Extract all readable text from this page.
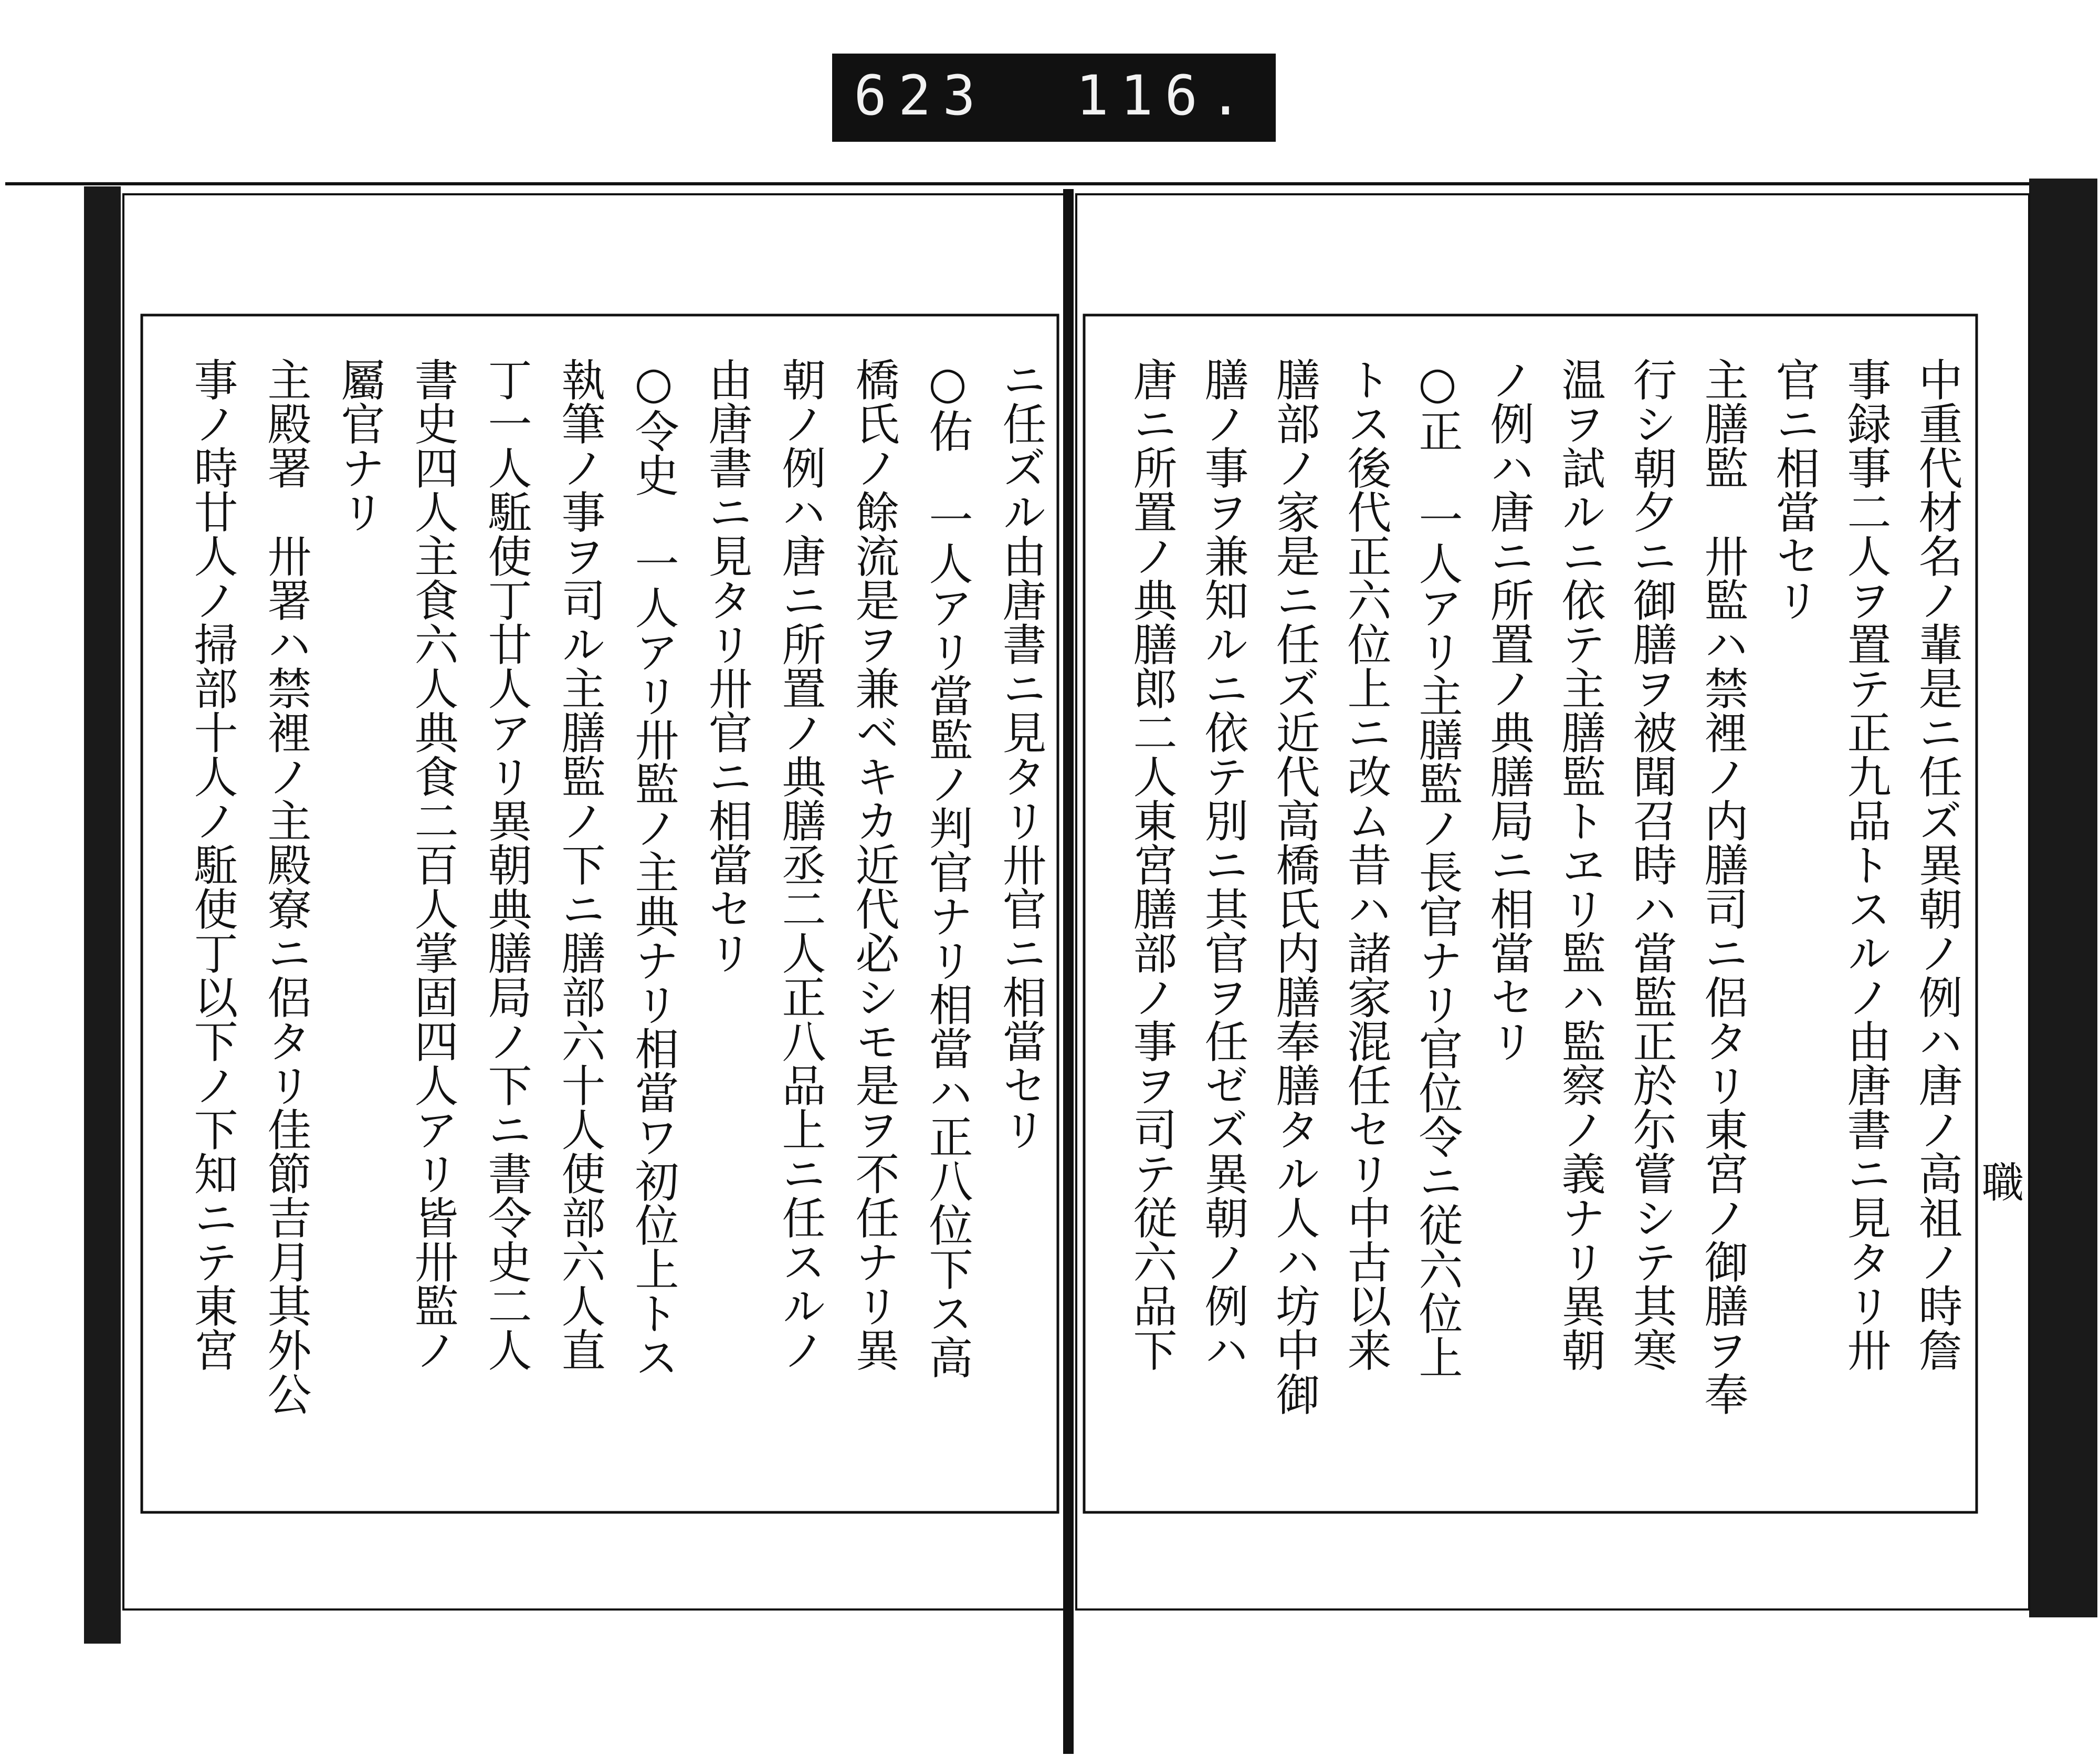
623  116.
ニ任ズル由唐書ニ見タリ卅官ニ相當セリ
○佑　一人アリ當監ノ判官ナリ相當ハ正八位下ス高
橋氏ノ餘流是ヲ兼ベキカ近代必シモ是ヲ不任ナリ異
朝ノ例ハ唐ニ所置ノ典膳丞二人正八品上ニ任スルノ
由唐書ニ見タリ卅官ニ相當セリ
○令史　一人アリ卅監ノ主典ナリ相當ワ初位上トス
執筆ノ事ヲ司ル主膳監ノ下ニ膳部六十人使部六人直
丁一人駈使丁廿人アリ異朝典膳局ノ下ニ書令史二人
書史四人主食六人典食二百人掌固四人アリ皆卅監ノ
屬官ナリ
主殿署　卅署ハ禁裡ノ主殿寮ニ侶タリ佳節吉月其外公
事ノ時廿人ノ掃部十人ノ駈使丁以下ノ下知ニテ東宮	中重代材名ノ輩是ニ任ズ異朝ノ例ハ唐ノ高祖ノ時詹
事録事二人ヲ置テ正九品トスルノ由唐書ニ見タリ卅
官ニ相當セリ
主膳監　卅監ハ禁裡ノ内膳司ニ侶タリ東宮ノ御膳ヲ奉
行シ朝夕ニ御膳ヲ被聞召時ハ當監正於尓嘗シテ其寒
温ヲ試ルニ依テ主膳監トヱリ監ハ監察ノ義ナリ異朝
ノ例ハ唐ニ所置ノ典膳局ニ相當セリ
○正　一人アリ主膳監ノ長官ナリ官位令ニ従六位上
トス後代正六位上ニ改ム昔ハ諸家混任セリ中古以来
膳部ノ家是ニ任ズ近代高橋氏内膳奉膳タル人ハ坊中御
膳ノ事ヲ兼知ルニ依テ別ニ其官ヲ任ゼズ異朝ノ例ハ
唐ニ所置ノ典膳郎二人東宮膳部ノ事ヲ司テ従六品下	職
